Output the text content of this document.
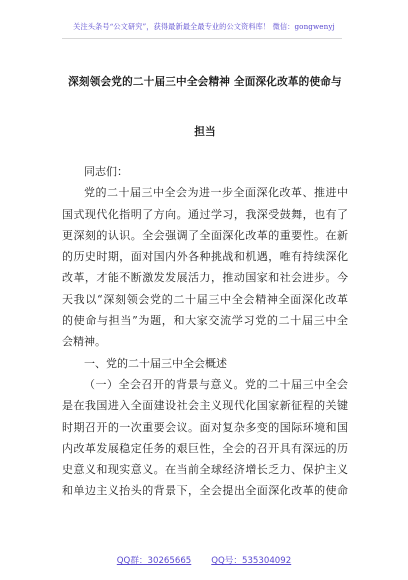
关注头条号“公文研究”，获得最新最全最专业的公文资料库！ 微信：gongwenyj
深刻领会党的二十届三中全会精神 全面深化改革的使命与
担当
同志们：
党的二十届三中全会为进一步全面深化改革、推进中
国式现代化指明了方向。通过学习，我深受鼓舞，也有了
更深刻的认识。全会强调了全面深化改革的重要性。在新
的历史时期，面对国内外各种挑战和机遇，唯有持续深化
改革，才能不断激发发展活力，推动国家和社会进步。今
天我以“深刻领会党的二十届三中全会精神全面深化改革
的使命与担当”为题，和大家交流学习党的二十届三中全
会精神。
一、党的二十届三中全会概述
（一）全会召开的背景与意义。党的二十届三中全会
是在我国进入全面建设社会主义现代化国家新征程的关键
时期召开的一次重要会议。面对复杂多变的国际环境和国
内改革发展稳定任务的艰巨性，全会的召开具有深远的历
史意义和现实意义。在当前全球经济增长乏力、保护主义
和单边主义抬头的背景下，全会提出全面深化改革的使命
QQ群：30265665 QQ号：535304092
